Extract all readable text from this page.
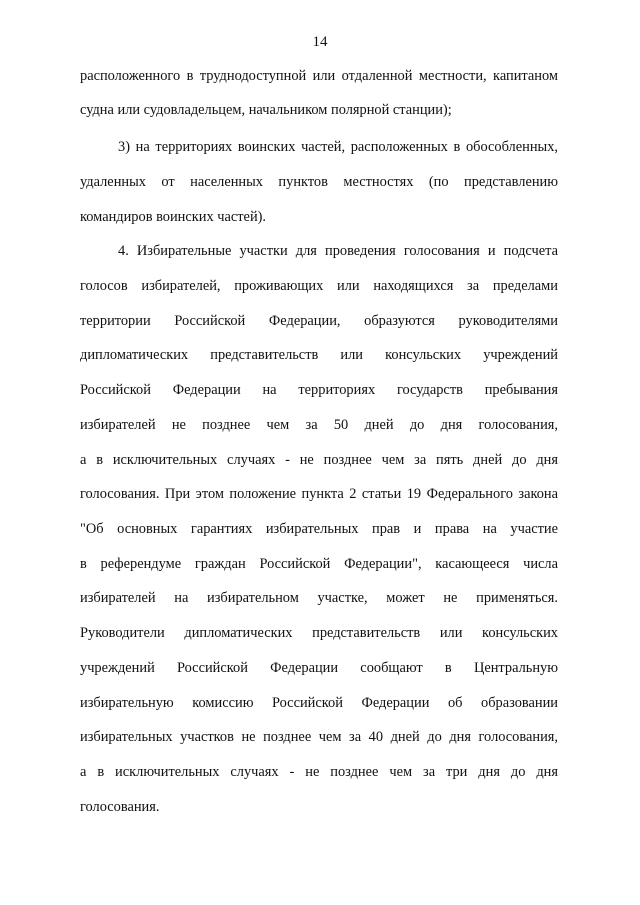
14
расположенного в труднодоступной или отдаленной местности, капитаном
судна или судовладельцем, начальником полярной станции);
3) на территориях воинских частей, расположенных в обособленных,
удаленных от населенных пунктов местностях (по представлению
командиров воинских частей).
4. Избирательные участки для проведения голосования и подсчета
голосов избирателей, проживающих или находящихся за пределами
территории Российской Федерации, образуются руководителями
дипломатических представительств или консульских учреждений
Российской Федерации на территориях государств пребывания
избирателей не позднее чем за 50 дней до дня голосования,
а в исключительных случаях - не позднее чем за пять дней до дня
голосования. При этом положение пункта 2 статьи 19 Федерального закона
"Об основных гарантиях избирательных прав и права на участие
в референдуме граждан Российской Федерации", касающееся числа
избирателей на избирательном участке, может не применяться.
Руководители дипломатических представительств или консульских
учреждений Российской Федерации сообщают в Центральную
избирательную комиссию Российской Федерации об образовании
избирательных участков не позднее чем за 40 дней до дня голосования,
а в исключительных случаях - не позднее чем за три дня до дня
голосования.
